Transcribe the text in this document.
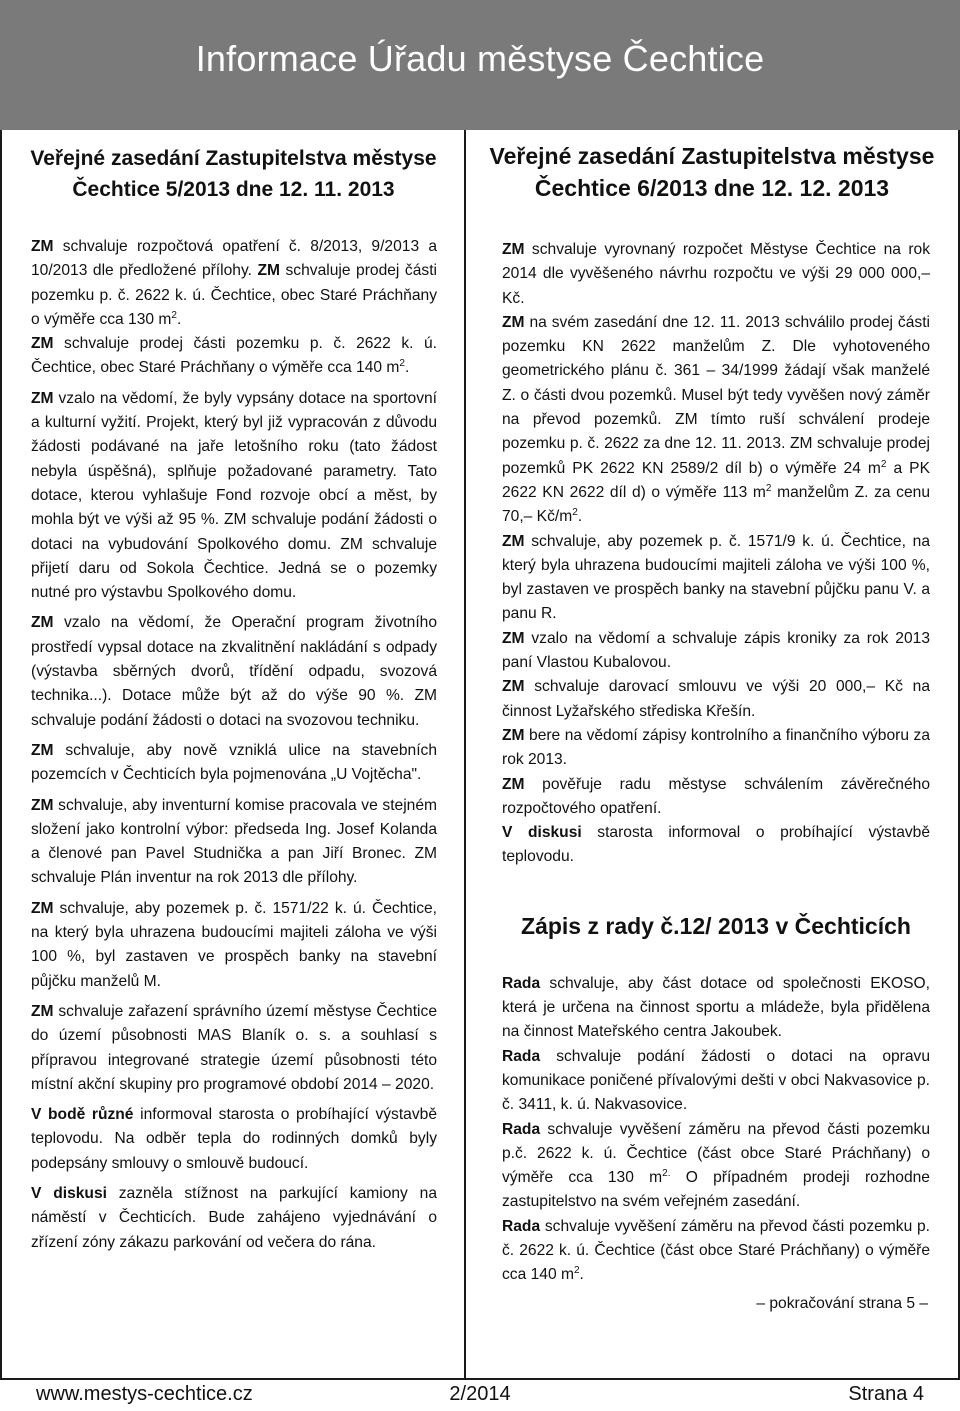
Informace Úřadu městyse Čechtice
Veřejné zasedání Zastupitelstva městyse
Čechtice 5/2013 dne 12. 11. 2013

ZM schvaluje rozpočtová opatření č. 8/2013, 9/2013 a 10/2013 dle předložené přílohy. ZM schvaluje prodej části pozemku p. č. 2622 k. ú. Čechtice, obec Staré Práchňany o výměře cca 130 $m^2$.

ZM schvaluje prodej části pozemku p. č. 2622 k. ú. Čechtice, obec Staré Práchňany o výměře cca 140 $m^2$.

ZM vzalo na vědomí, že byly vypsány dotace na sportovní a kulturní vyžití. Projekt, který byl již vypracován z důvodu žádosti podávané na jaře letošního roku (tato žádost nebyla úspěšná), splňuje požadované parametry. Tato dotace, kterou vyhlašuje Fond rozvoje obcí a měst, by mohla být ve výši až 95 %. ZM schvaluje podání žádosti o dotaci na vybudování Spolkového domu. ZM schvaluje přijetí daru od Sokola Čechtice. Jedná se o pozemky nutné pro výstavbu Spolkového domu.

ZM vzalo na vědomí, že Operační program životního prostředí vypsal dotace na zkvalitnění nakládání s odpady (výstavba sběrných dvorů, třídění odpadu, svozová technika...). Dotace může být až do výše 90 %. ZM schvaluje podání žádosti o dotaci na svozovou techniku.

ZM schvaluje, aby nově vzniklá ulice na stavebních pozemcích v Čechticích byla pojmenována „U Vojtěcha".

ZM schvaluje, aby inventurní komise pracovala ve stejném složení jako kontrolní výbor: předseda Ing. Josef Kolanda a členové pan Pavel Studnička a pan Jiří Bronec. ZM schvaluje Plán inventur na rok 2013 dle přílohy.

ZM schvaluje, aby pozemek p. č. 1571/22 k. ú. Čechtice, na který byla uhrazena budoucími majiteli záloha ve výši 100 %, byl zastaven ve prospěch banky na stavební půjčku manželů M.

ZM schvaluje zařazení správního území městyse Čechtice do území působnosti MAS Blaník o. s. a souhlasí s přípravou integrované strategie území působnosti této místní akční skupiny pro programové období 2014 – 2020.

V bodě různé informoval starosta o probíhající výstavbě teplovodu. Na odběr tepla do rodinných domků byly podepsány smlouvy o smlouvě budoucí.

V diskusi zazněla stížnost na parkující kamiony na náměstí v Čechticích. Bude zahájeno vyjednávání o zřízení zóny zákazu parkování od večera do rána.

Veřejné zasedání Zastupitelstva městyse
Čechtice 6/2013 dne 12. 12. 2013

ZM schvaluje vyrovnaný rozpočet Městyse Čechtice na rok 2014 dle vyvěšeného návrhu rozpočtu ve výši 29 000 000,– Kč.

ZM na svém zasedání dne 12. 11. 2013 schválilo prodej části pozemku KN 2622 manželům Z. Dle vyhotoveného geometrického plánu č. 361 – 34/1999 žádají však manželé Z. o části dvou pozemků. Musel být tedy vyvěšen nový záměr na převod pozemků. ZM tímto ruší schválení prodeje pozemku p. č. 2622 za dne 12. 11. 2013. ZM schvaluje prodej pozemků PK 2622 KN 2589/2 díl b) o výměře 24 $m^2$ a PK 2622 KN 2622 díl d) o výměře 113 $m^2$ manželům Z. za cenu 70,– $Kč/m^2$.

ZM schvaluje, aby pozemek p. č. 1571/9 k. ú. Čechtice, na který byla uhrazena budoucími majiteli záloha ve výši 100 %, byl zastaven ve prospěch banky na stavební půjčku panu V. a panu R.

ZM vzalo na vědomí a schvaluje zápis kroniky za rok 2013 paní Vlastou Kubalovou.

ZM schvaluje darovací smlouvu ve výši 20 000,– Kč na činnost Lyžařského střediska Křešín.

ZM bere na vědomí zápisy kontrolního a finančního výboru za rok 2013.

ZM pověřuje radu městyse schválením závěrečného rozpočtového opatření.

V diskusi starosta informoval o probíhající výstavbě teplovodu.

Zápis z rady č.12/ 2013 v Čechticích

Rada schvaluje, aby část dotace od společnosti EKOSO, která je určena na činnost sportu a mládeže, byla přidělena na činnost Mateřského centra Jakoubek.

Rada schvaluje podání žádosti o dotaci na opravu komunikace poničené přívalovými dešti v obci Nakvasovice p. č. 3411, k. ú. Nakvasovice.

Rada schvaluje vyvěšení záměru na převod části pozemku p.č. 2622 k. ú. Čechtice (část obce Staré Práchňany) o výměře cca 130 $m^{2.}$ O případném prodeji rozhodne zastupitelstvo na svém veřejném zasedání.

Rada schvaluje vyvěšení záměru na převod části pozemku p. č. 2622 k. ú. Čechtice (část obce Staré Práchňany) o výměře cca 140 $m^2$.

– pokračování strana 5 –

www.mestys-cechtice.cz	2/2014	Strana 4
